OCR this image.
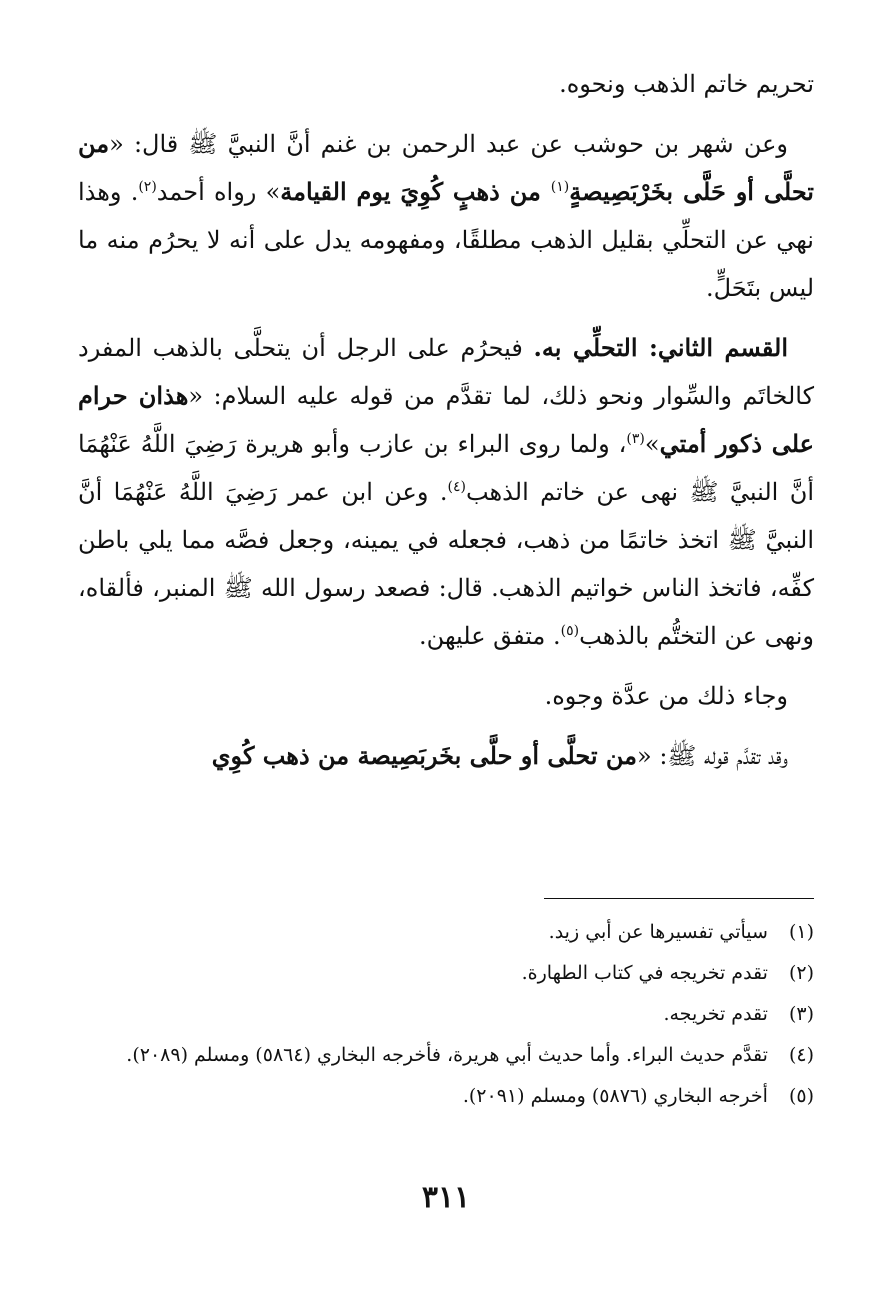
تحريم خاتم الذهب ونحوه.

وعن شهر بن حوشب عن عبد الرحمن بن غنم أنَّ النبيَّ ﷺ قال: «من تحلَّى أو حَلَّى بخَرْبَصِيصةٍ$^{(١)}$ من ذهبٍ كُوِيَ يوم القيامة» رواه أحمد$^{(٢)}$. وهذا نهي عن التحلِّي بقليل الذهب مطلقًا، ومفهومه يدل على أنه لا يحرُم منه ما ليس بتَحَلٍّ.

القسم الثاني: التحلِّي به. فيحرُم على الرجل أن يتحلَّى بالذهب المفرد كالخاتَم والسِّوار ونحو ذلك، لما تقدَّم من قوله عليه السلام: «هذان حرام على ذكور أمتي»$^{(٣)}$، ولما روى البراء بن عازب وأبو هريرة رَضِيَ اللَّهُ عَنْهُمَا أنَّ النبيَّ ﷺ نهى عن خاتم الذهب$^{(٤)}$. وعن ابن عمر رَضِيَ اللَّهُ عَنْهُمَا أنَّ النبيَّ ﷺ اتخذ خاتمًا من ذهب، فجعله في يمينه، وجعل فصَّه مما يلي باطن كفِّه، فاتخذ الناس خواتيم الذهب. قال: فصعد رسول الله ﷺ المنبر، فألقاه، ونهى عن التختُّم بالذهب$^{(٥)}$. متفق عليهن.

وجاء ذلك من عدَّة وجوه.

وقد تقدَّم قوله ﷺ: «من تحلَّى أو حلَّى بخَربَصِيصة من ذهب كُوِي

(١) سيأتي تفسيرها عن أبي زيد.

(٢) تقدم تخريجه في كتاب الطهارة.

(٣) تقدم تخريجه.

(٤) تقدَّم حديث البراء. وأما حديث أبي هريرة، فأخرجه البخاري (٥٨٦٤) ومسلم (٢٠٨٩).

(٥) أخرجه البخاري (٥٨٧٦) ومسلم (٢٠٩١).

٣١١
